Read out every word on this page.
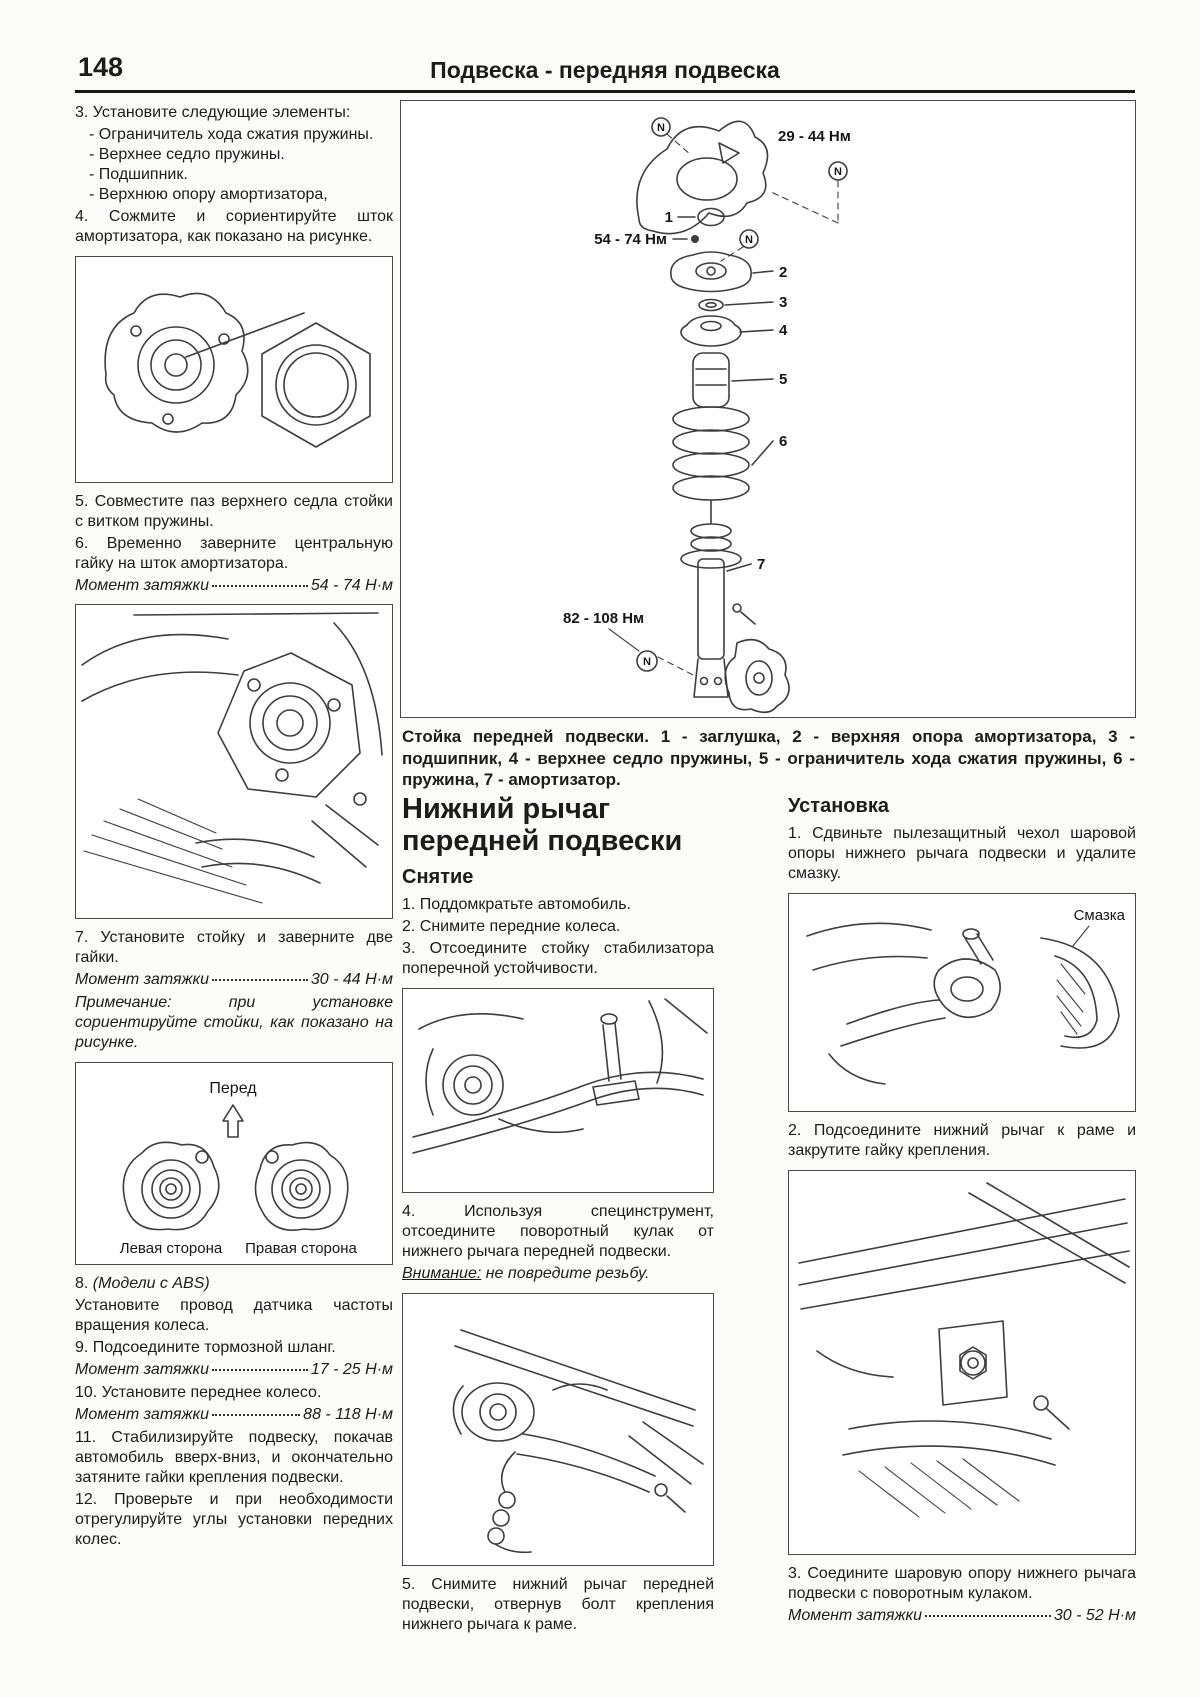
148	Подвеска - передняя подвеска

3. Установите следующие элементы:

- Ограничитель хода сжатия пружины.
- Верхнее седло пружины.
- Подшипник.
- Верхнюю опору амортизатора,

4. Сожмите и сориентируйте шток амортизатора, как показано на рисунке.

5. Совместите паз верхнего седла стойки с витком пружины.

6. Временно заверните центральную гайку на шток амортизатора.

Момент затяжки	54 - 74 Н·м

7. Установите стойку и заверните две гайки.

Момент затяжки	30 - 44 Н·м

Примечание: при установке сориентируйте стойки, как показано на рисунке.

Перед
Левая сторона Правая сторона

8. (Модели с ABS)

Установите провод датчика частоты вращения колеса.

9. Подсоедините тормозной шланг.

Момент затяжки	17 - 25 Н·м

10. Установите переднее колесо.

Момент затяжки	88 - 118 Н·м

11. Стабилизируйте подвеску, покачав автомобиль вверх-вниз, и окончательно затяните гайки крепления подвески.

12. Проверьте и при необходимости отрегулируйте углы установки передних колес.

N	29 - 44 Нм
N
1
54 - 74 Нм	N
2
3
4
5
6
7
82 - 108 Нм
N
Стойка передней подвески. 1 - заглушка, 2 - верхняя опора амортизатора, 3 - подшипник, 4 - верхнее седло пружины, 5 - ограничитель хода сжатия пружины, 6 - пружина, 7 - амортизатор.
Нижний рычаг
передней подвески
Снятие

1. Поддомкратьте автомобиль.

2. Снимите передние колеса.

3. Отсоедините стойку стабилизатора поперечной устойчивости.

4. Используя специнструмент, отсоедините поворотный кулак от нижнего рычага передней подвески.

Внимание: не повредите резьбу.

5. Снимите нижний рычаг передней подвески, отвернув болт крепления нижнего рычага к раме.

Установка

1. Сдвиньте пылезащитный чехол шаровой опоры нижнего рычага подвески и удалите смазку.

Смазка

2. Подсоедините нижний рычаг к раме и закрутите гайку крепления.

3. Соедините шаровую опору нижнего рычага подвески с поворотным кулаком.

Момент затяжки	30 - 52 Н·м
